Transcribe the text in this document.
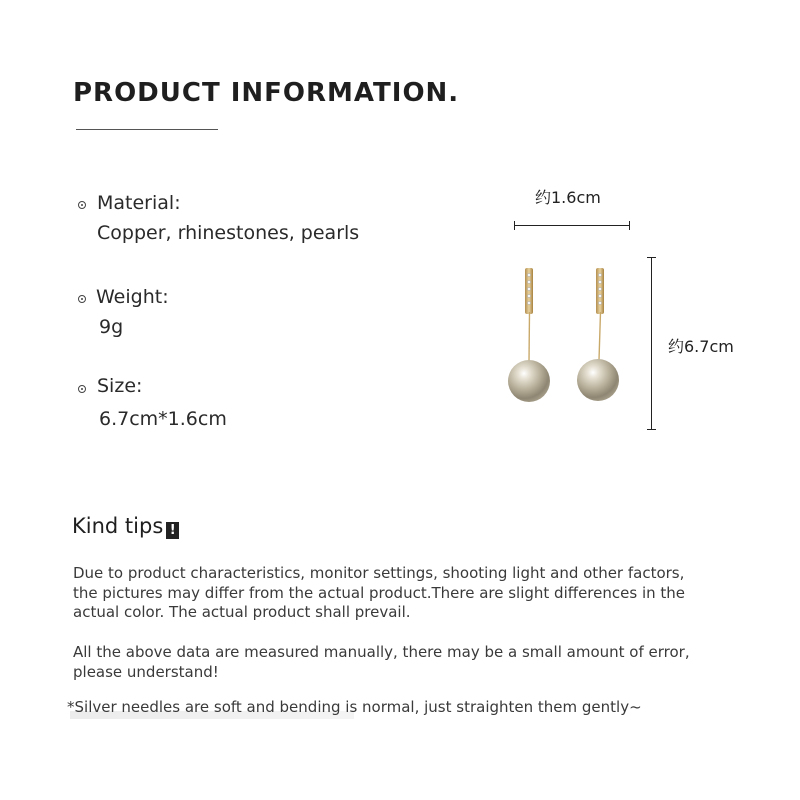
PRODUCT INFORMATION.
Material:
Copper, rhinestones, pearls
Weight:
9g
Size:
6.7cm*1.6cm
约1.6cm
约6.7cm
Kind tips !
Due to product characteristics, monitor settings, shooting light and other factors, the pictures may differ from the actual product.There are slight differences in the actual color. The actual product shall prevail.
All the above data are measured manually, there may be a small amount of error, please understand!
*Silver needles are soft and bending is normal, just straighten them gently~
